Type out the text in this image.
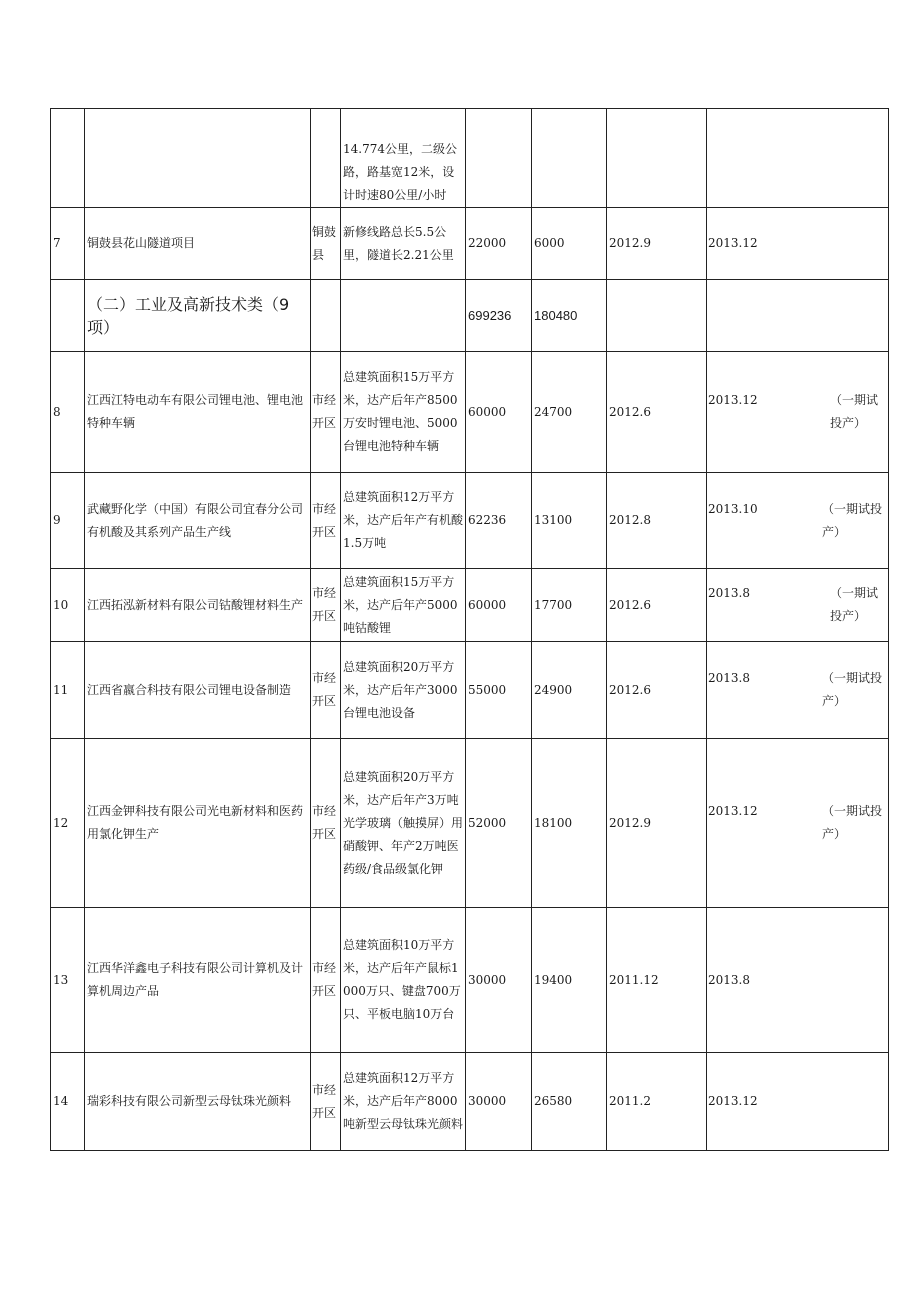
			14.774公里，二级公路，路基宽12米，设计时速80公里/小时				
7	铜鼓县花山隧道项目	铜鼓县	新修线路总长5.5公里，隧道长2.21公里	22000	6000	2012.9	2013.12
	（二）工业及高新技术类（9项）			699236	180480		
8	江西江特电动车有限公司锂电池、锂电池特种车辆	市经开区	总建筑面积15万平方米，达产后年产8500万安时锂电池、5000台锂电池特种车辆	60000	24700	2012.6	2013.12 （一期试投产）

9	武藏野化学（中国）有限公司宜春分公司有机酸及其系列产品生产线	市经开区	总建筑面积12万平方米，达产后年产有机酸1.5万吨	62236	13100	2012.8	2013.10 （一期试投产）

10	江西拓泓新材料有限公司钴酸锂材料生产	市经开区	总建筑面积15万平方米，达产后年产5000吨钴酸锂	60000	17700	2012.6	2013.8 （一期试投产）

11	江西省嬴合科技有限公司锂电设备制造	市经开区	总建筑面积20万平方米，达产后年产3000台锂电池设备	55000	24900	2012.6	2013.8 （一期试投产）

12	江西金钾科技有限公司光电新材料和医药用氯化钾生产	市经开区	总建筑面积20万平方米，达产后年产3万吨光学玻璃（触摸屏）用硝酸钾、年产2万吨医药级/食品级氯化钾	52000	18100	2012.9	2013.12 （一期试投产）

13	江西华洋鑫电子科技有限公司计算机及计算机周边产品	市经开区	总建筑面积10万平方米，达产后年产鼠标1000万只、键盘700万只、平板电脑10万台	30000	19400	2011.12	2013.8
14	瑞彩科技有限公司新型云母钛珠光颜料	市经开区	总建筑面积12万平方米，达产后年产8000吨新型云母钛珠光颜料	30000	26580	2011.2	2013.12
